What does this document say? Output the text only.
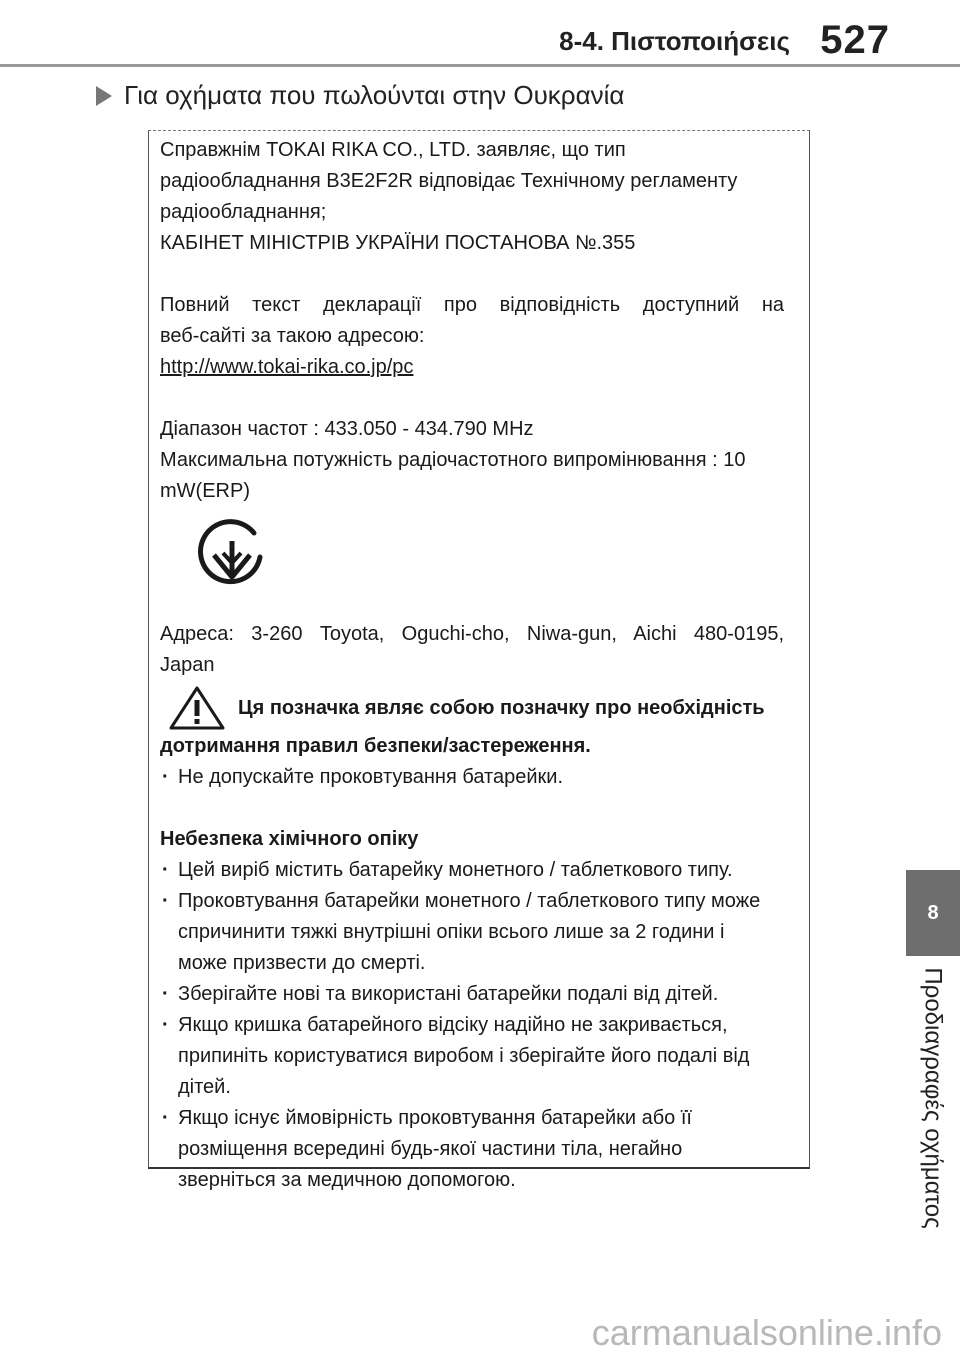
8-4. Πιστοποιήσεις 527
Για οχήματα που πωλούνται στην Ουκρανία

Справжнім TOKAI RIKA CO., LTD. заявляє, що тип

радіообладнання B3E2F2R відповідає Технічному регламенту

радіообладнання;

КАБІНЕТ МІНІСТРІВ УКРАЇНИ ПОСТАНОВА №.355

Повний текст декларації про відповідність доступний на

веб-сайті за такою адресою:

http://www.tokai-rika.co.jp/pc

Діапазон частот : 433.050 - 434.790 MHz

Максимальна потужність радіочастотного випромінювання : 10

mW(ERP)

Адреса: 3-260 Toyota, Oguchi-cho, Niwa-gun, Aichi 480-0195,

Japan

Ця позначка являє собою позначку про необхідність

дотримання правил безпеки/застереження.

· Не допускайте проковтування батарейки.

Небезпека хімічного опіку

· Цей виріб містить батарейку монетного / таблеткового типу.

· Проковтування батарейки монетного / таблеткового типу може

спричинити тяжкі внутрішні опіки всього лише за 2 години і

може призвести до смерті.

· Зберігайте нові та використані батарейки подалі від дітей.

· Якщо кришка батарейного відсіку надійно не закривається,

припиніть користуватися виробом і зберігайте його подалі від

дітей.

· Якщо існує ймовірність проковтування батарейки або її

розміщення всередині будь-якої частини тіла, негайно

зверніться за медичною допомогою.

8
Προδιαγραφές οχήματος
carmanualsonline.info
